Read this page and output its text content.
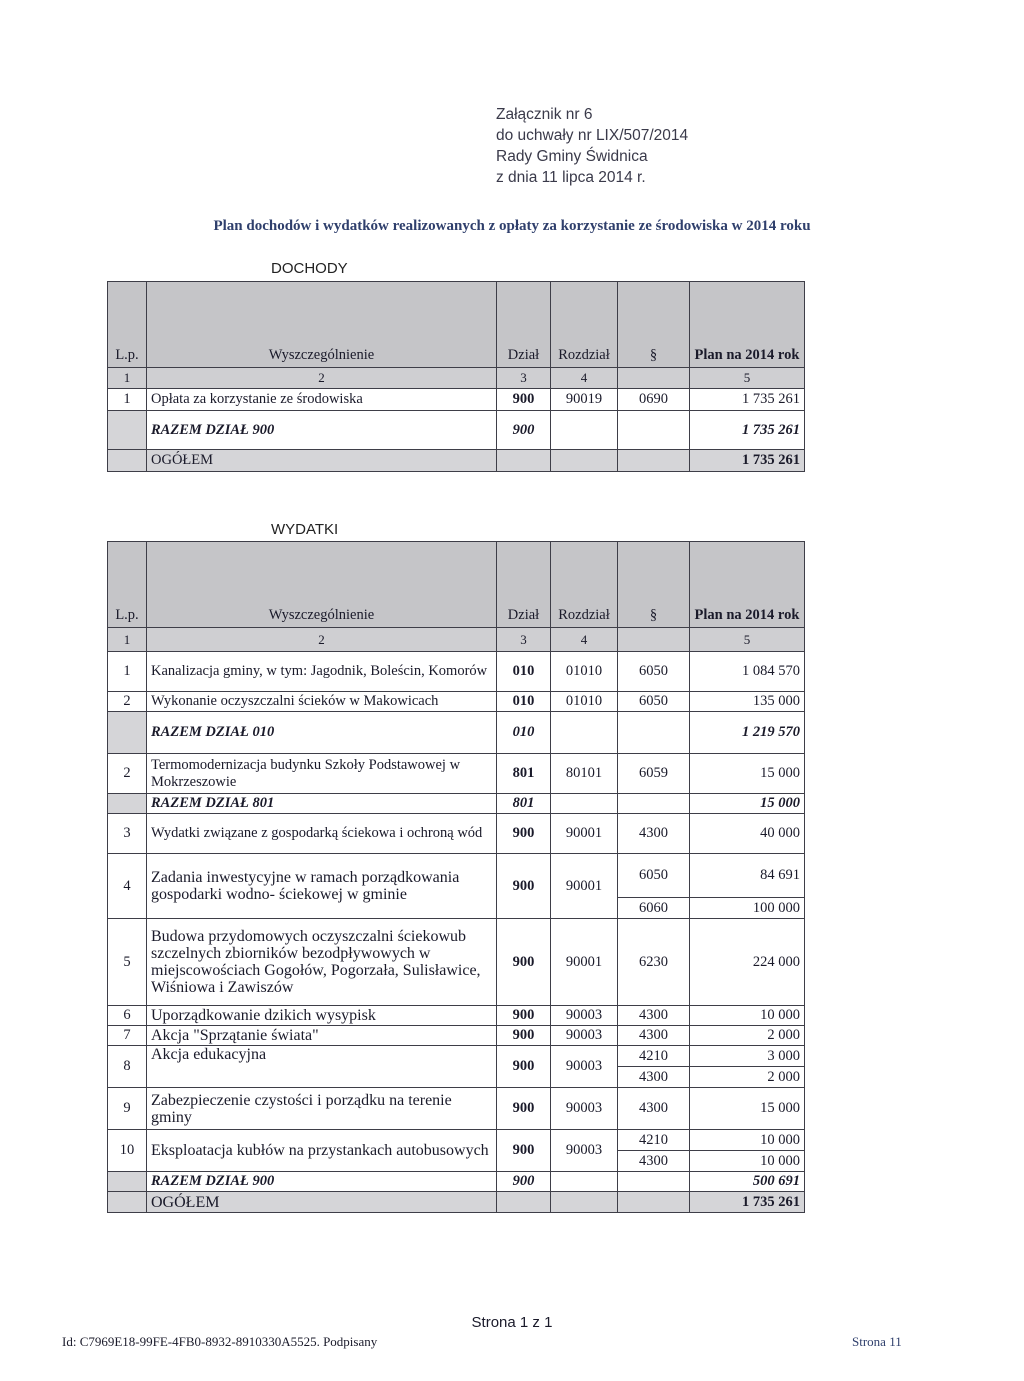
Załącznik nr 6
do uchwały nr LIX/507/2014
Rady Gminy Świdnica
z dnia 11 lipca 2014 r.
Plan dochodów i wydatków realizowanych z opłaty za korzystanie ze środowiska w 2014 roku
DOCHODY
L.p.	Wyszczególnienie	Dział	Rozdział	§	Plan na 2014 rok
1	2	3	4		5
1	Opłata za korzystanie ze środowiska	900	90019	0690	1 735 261
	RAZEM DZIAŁ 900	900			1 735 261
	OGÓŁEM				1 735 261
WYDATKI
L.p.	Wyszczególnienie	Dział	Rozdział	§	Plan na 2014 rok
1	2	3	4		5
1	Kanalizacja gminy, w tym: Jagodnik, Boleścin, Komorów	010	01010	6050	1 084 570
2	Wykonanie oczyszczalni ścieków w Makowicach	010	01010	6050	135 000
	RAZEM DZIAŁ 010	010			1 219 570
2	Termomodernizacja budynku Szkoły Podstawowej w Mokrzeszowie	801	80101	6059	15 000
	RAZEM DZIAŁ 801	801			15 000
3	Wydatki związane z gospodarką ściekowa i ochroną wód	900	90001	4300	40 000
4	Zadania inwestycyjne w ramach porządkowania gospodarki wodno- ściekowej w gminie	900	90001	6050	84 691
				6060	100 000
5	Budowa przydomowych oczyszczalni ściekowub szczelnych zbiorników bezodpływowych w miejscowościach Gogołów, Pogorzała, Sulisławice, Wiśniowa i Zawiszów	900	90001	6230	224 000
6	Uporządkowanie dzikich wysypisk	900	90003	4300	10 000
7	Akcja "Sprzątanie świata"	900	90003	4300	2 000
8	Akcja edukacyjna	900	90003	4210	3 000
				4300	2 000
9	Zabezpieczenie czystości i porządku na terenie gminy	900	90003	4300	15 000
10	Eksploatacja kubłów na przystankach autobusowych	900	90003	4210	10 000
				4300	10 000
	RAZEM DZIAŁ 900	900			500 691
	OGÓŁEM				1 735 261
Strona 1 z 1
Id: C7969E18-99FE-4FB0-8932-8910330A5525. Podpisany	Strona 11
